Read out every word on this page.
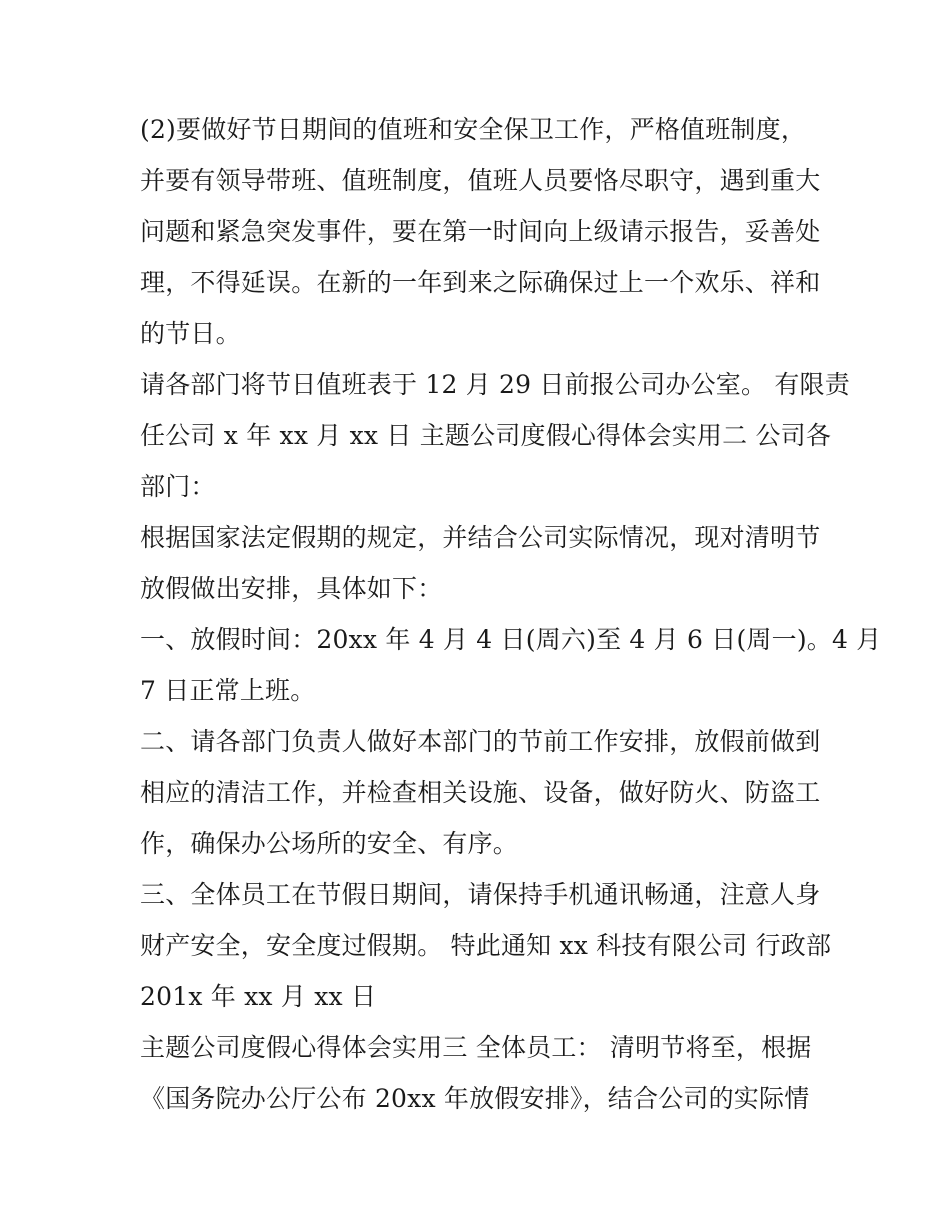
(2)要做好节日期间的值班和安全保卫工作，严格值班制度，
并要有领导带班、值班制度，值班人员要恪尽职守，遇到重大
问题和紧急突发事件，要在第一时间向上级请示报告，妥善处
理，不得延误。在新的一年到来之际确保过上一个欢乐、祥和
的节日。
请各部门将节日值班表于 12 月 29 日前报公司办公室。 有限责
任公司 x 年 xx 月 xx 日 主题公司度假心得体会实用二 公司各
部门：
根据国家法定假期的规定，并结合公司实际情况，现对清明节
放假做出安排，具体如下：
一、放假时间：20xx 年 4 月 4 日(周六)至 4 月 6 日(周一)。4 月
7 日正常上班。
二、请各部门负责人做好本部门的节前工作安排，放假前做到
相应的清洁工作，并检查相关设施、设备，做好防火、防盗工
作，确保办公场所的安全、有序。
三、全体员工在节假日期间，请保持手机通讯畅通，注意人身
财产安全，安全度过假期。 特此通知 xx 科技有限公司 行政部
201x 年 xx 月 xx 日
主题公司度假心得体会实用三 全体员工： 清明节将至，根据
《国务院办公厅公布 20xx 年放假安排》，结合公司的实际情
